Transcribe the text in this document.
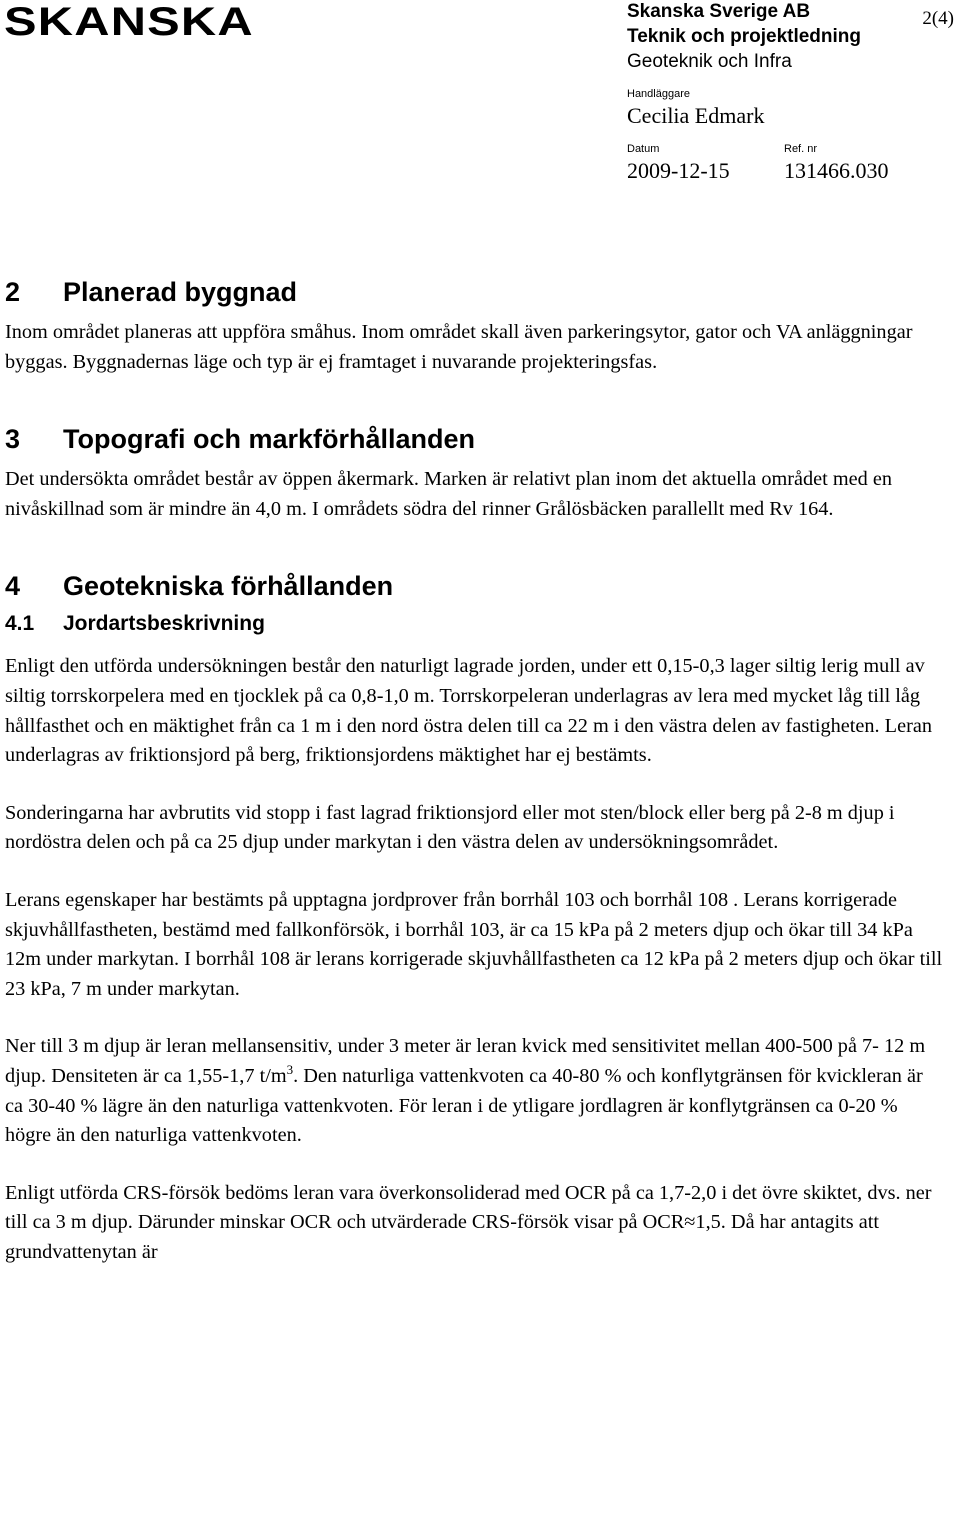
SKANSKA	2(4)
Skanska Sverige AB
Teknik och projektledning
Geoteknik och Infra
Handläggare
Cecilia Edmark
Datum
2009-12-15
Ref. nr
131466.030
2 Planerad byggnad

Inom området planeras att uppföra småhus. Inom området skall även parkeringsytor, gator och VA anläggningar byggas. Byggnadernas läge och typ är ej framtaget i nuvarande projekteringsfas.

3 Topografi och markförhållanden

Det undersökta området består av öppen åkermark. Marken är relativt plan inom det aktuella området med en nivåskillnad som är mindre än 4,0 m. I områdets södra del rinner Grålösbäcken parallellt med Rv 164.

4 Geotekniska förhållanden
4.1 Jordartsbeskrivning

Enligt den utförda undersökningen består den naturligt lagrade jorden, under ett 0,15-0,3 lager siltig lerig mull av siltig torrskorpelera med en tjocklek på ca 0,8-1,0 m. Torrskorpeleran underlagras av lera med mycket låg till låg hållfasthet och en mäktighet från ca 1 m i den nord östra delen till ca 22 m i den västra delen av fastigheten. Leran underlagras av friktionsjord på berg, friktionsjordens mäktighet har ej bestämts.

Sonderingarna har avbrutits vid stopp i fast lagrad friktionsjord eller mot sten/block eller berg på 2-8 m djup i nordöstra delen och på ca 25 djup under markytan i den västra delen av undersökningsområdet.

Lerans egenskaper har bestämts på upptagna jordprover från borrhål 103 och borrhål 108 . Lerans korrigerade skjuvhållfastheten, bestämd med fallkonförsök, i borrhål 103, är ca 15 kPa på 2 meters djup och ökar till 34 kPa 12m under markytan. I borrhål 108 är lerans korrigerade skjuvhållfastheten ca 12 kPa på 2 meters djup och ökar till 23 kPa, 7 m under markytan.

Ner till 3 m djup är leran mellansensitiv, under 3 meter är leran kvick med sensitivitet mellan 400-500 på 7- 12 m djup. Densiteten är ca 1,55-1,7 $t/m^3$. Den naturliga vattenkvoten ca 40-80 % och konflytgränsen för kvickleran är ca 30-40 % lägre än den naturliga vattenkvoten. För leran i de ytligare jordlagren är konflytgränsen ca 0-20 % högre än den naturliga vattenkvoten.

Enligt utförda CRS-försök bedöms leran vara överkonsoliderad med OCR på ca 1,7-2,0 i det övre skiktet, dvs. ner till ca 3 m djup. Därunder minskar OCR och utvärderade CRS-försök visar på OCR≈1,5. Då har antagits att grundvattenytan är
